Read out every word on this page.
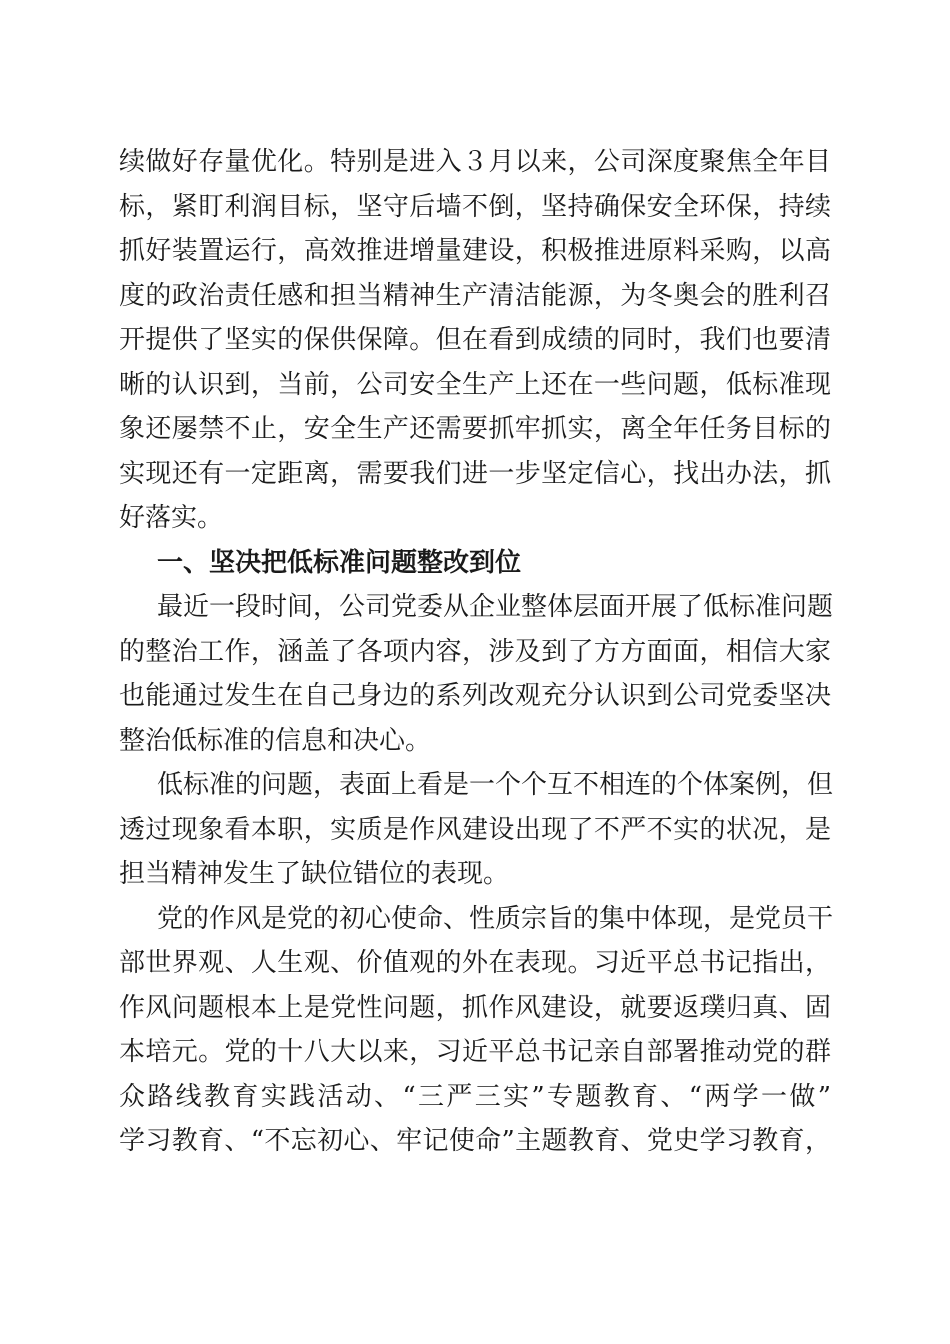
续做好存量优化。特别是进入３月以来，公司深度聚焦全年目
标，紧盯利润目标，坚守后墙不倒，坚持确保安全环保，持续
抓好装置运行，高效推进增量建设，积极推进原料采购，以高
度的政治责任感和担当精神生产清洁能源，为冬奥会的胜利召
开提供了坚实的保供保障。但在看到成绩的同时，我们也要清
晰的认识到，当前，公司安全生产上还在一些问题，低标准现
象还屡禁不止，安全生产还需要抓牢抓实，离全年任务目标的
实现还有一定距离，需要我们进一步坚定信心，找出办法，抓
好落实。
一、坚决把低标准问题整改到位
最近一段时间，公司党委从企业整体层面开展了低标准问题
的整治工作，涵盖了各项内容，涉及到了方方面面，相信大家
也能通过发生在自己身边的系列改观充分认识到公司党委坚决
整治低标准的信息和决心。
低标准的问题，表面上看是一个个互不相连的个体案例，但
透过现象看本职，实质是作风建设出现了不严不实的状况，是
担当精神发生了缺位错位的表现。
党的作风是党的初心使命、性质宗旨的集中体现，是党员干
部世界观、人生观、价值观的外在表现。习近平总书记指出，
作风问题根本上是党性问题，抓作风建设，就要返璞归真、固
本培元。党的十八大以来，习近平总书记亲自部署推动党的群
众路线教育实践活动、“三严三实”专题教育、“两学一做”
学习教育、“不忘初心、牢记使命”主题教育、党史学习教育，
